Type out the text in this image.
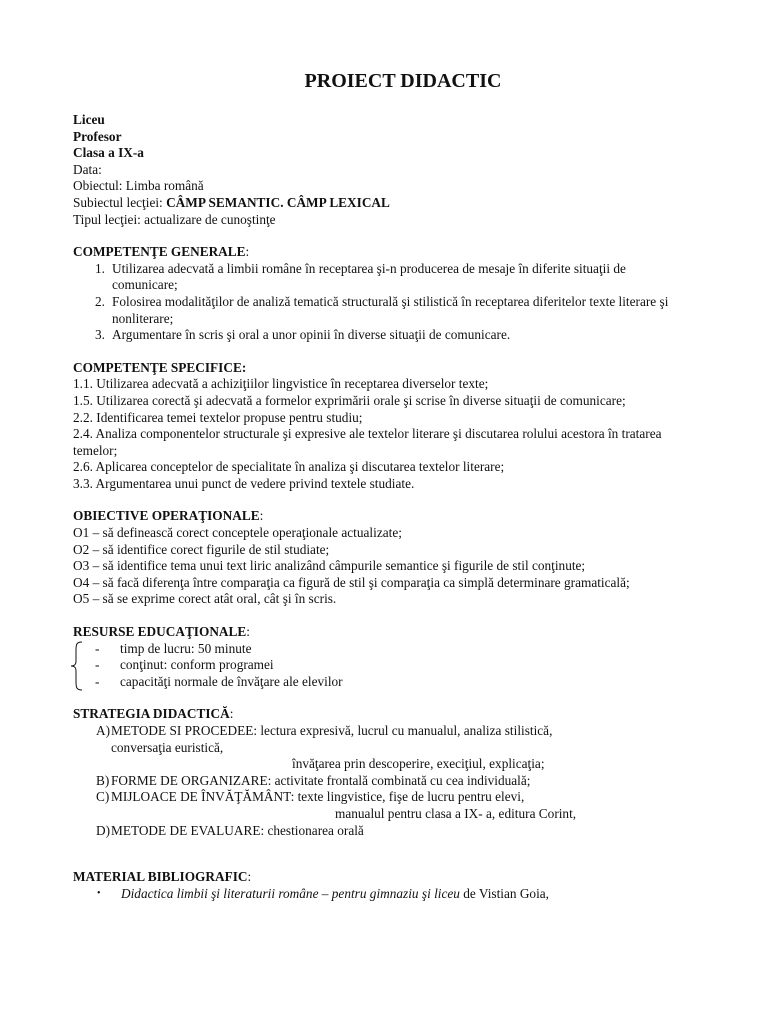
PROIECT DIDACTIC

Liceu

Profesor

Clasa a IX-a

Data:

Obiectul: Limba română

Subiectul lecţiei: CÂMP SEMANTIC. CÂMP LEXICAL

Tipul lecţiei: actualizare de cunoştinţe

COMPETENŢE GENERALE:

1. Utilizarea adecvată a limbii române în receptarea şi-n producerea de mesaje în diferite situaţii de comunicare;
2. Folosirea modalităţilor de analiză tematică structurală şi stilistică în receptarea diferitelor texte literare şi nonliterare;
3. Argumentare în scris şi oral a unor opinii în diverse situaţii de comunicare.

COMPETENŢE SPECIFICE:

1.1. Utilizarea adecvată a achiziţiilor lingvistice în receptarea diverselor texte;

1.5. Utilizarea corectă şi adecvată a formelor exprimării orale şi scrise în diverse situaţii de comunicare;

2.2. Identificarea temei textelor propuse pentru studiu;

2.4. Analiza componentelor structurale şi expresive ale textelor literare şi discutarea rolului acestora în tratarea temelor;

2.6. Aplicarea conceptelor de specialitate în analiza şi discutarea textelor literare;

3.3. Argumentarea unui punct de vedere privind textele studiate.

OBIECTIVE OPERAŢIONALE:

O1 – să definească corect conceptele operaţionale actualizate;

O2 – să identifice corect figurile de stil studiate;

O3 – să identifice tema unui text liric analizând câmpurile semantice şi figurile de stil conţinute;

O4 – să facă diferenţa între comparaţia ca figură de stil şi comparaţia ca simplă determinare gramaticală;

O5 – să se exprime corect atât oral, cât şi în scris.

RESURSE EDUCAŢIONALE:

- timp de lucru: 50 minute
- conţinut: conform programei
- capacităţi normale de învăţare ale elevilor

STRATEGIA DIDACTICĂ:

A) METODE SI PROCEDEE: lectura expresivă, lucrul cu manualul, analiza stilistică,
conversaţia euristică,
învăţarea prin descoperire, execiţiul, explicaţia;
B) FORME DE ORGANIZARE: activitate frontală combinată cu cea individuală;
C) MIJLOACE DE ÎNVĂŢĂMÂNT: texte lingvistice, fişe de lucru pentru elevi,
manualul pentru clasa a IX- a, editura Corint,
D) METODE DE EVALUARE: chestionarea orală

MATERIAL BIBLIOGRAFIC:

• Didactica limbii şi literaturii române – pentru gimnaziu şi liceu de Vistian Goia,
